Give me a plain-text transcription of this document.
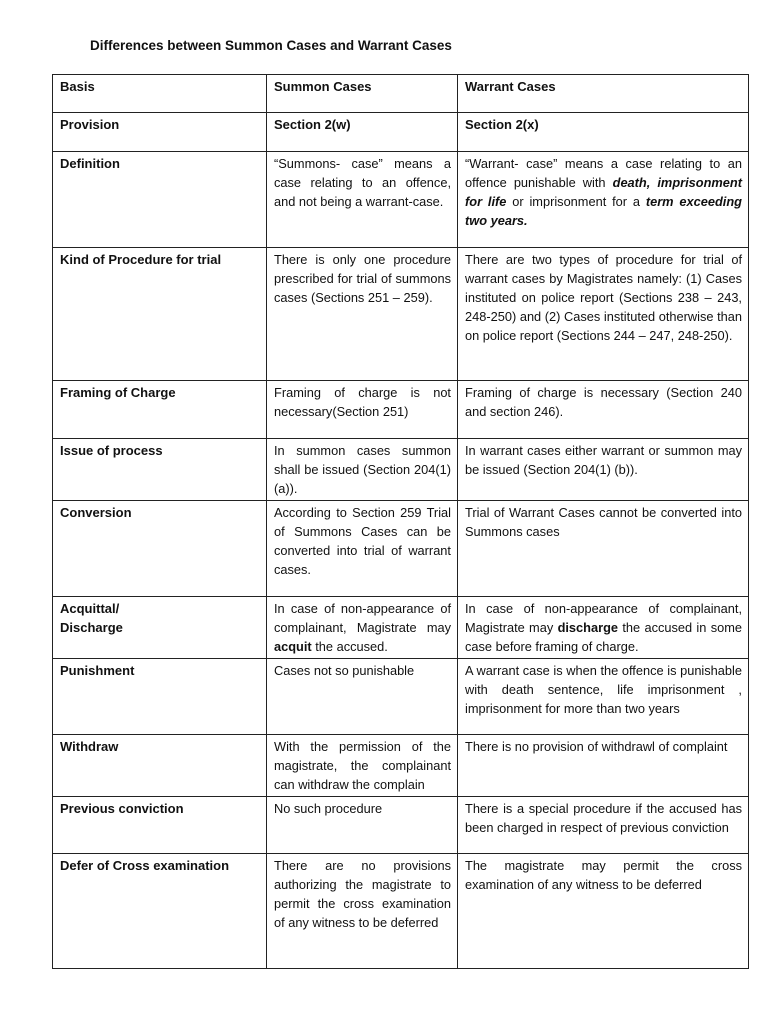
Differences between Summon Cases and Warrant Cases
Basis	Summon Cases	Warrant Cases
Provision	Section 2(w)	Section 2(x)
Definition	“Summons- case” means a case relating to an offence, and not being a warrant-case.	“Warrant- case” means a case relating to an offence punishable with death, imprisonment for life or imprisonment for a term exceeding two years.
Kind of Procedure for trial	There is only one procedure prescribed for trial of summons cases (Sections 251 – 259).	There are two types of procedure for trial of warrant cases by Magistrates namely: (1) Cases instituted on police report (Sections 238 – 243, 248-250) and (2) Cases instituted otherwise than on police report (Sections 244 – 247, 248-250).
Framing of Charge	Framing of charge is not necessary(Section 251)	Framing of charge is necessary (Section 240 and section 246).
Issue of process	In summon cases summon shall be issued (Section 204(1) (a)).	In warrant cases either warrant or summon may be issued (Section 204(1) (b)).
Conversion	According to Section 259 Trial of Summons Cases can be converted into trial of warrant cases.	Trial of Warrant Cases cannot be converted into Summons cases
Acquittal/
Discharge	In case of non-appearance of complainant, Magistrate may acquit the accused.	In case of non-appearance of complainant, Magistrate may discharge the accused in some case before framing of charge.
Punishment	Cases not so punishable	A warrant case is when the offence is punishable with death sentence, life imprisonment , imprisonment for more than two years
Withdraw	With the permission of the magistrate, the complainant can withdraw the complain	There is no provision of withdrawl of complaint
Previous conviction	No such procedure	There is a special procedure if the accused has been charged in respect of previous conviction
Defer of Cross examination	There are no provisions authorizing the magistrate to permit the cross examination of any witness to be deferred	The magistrate may permit the cross examination of any witness to be deferred
